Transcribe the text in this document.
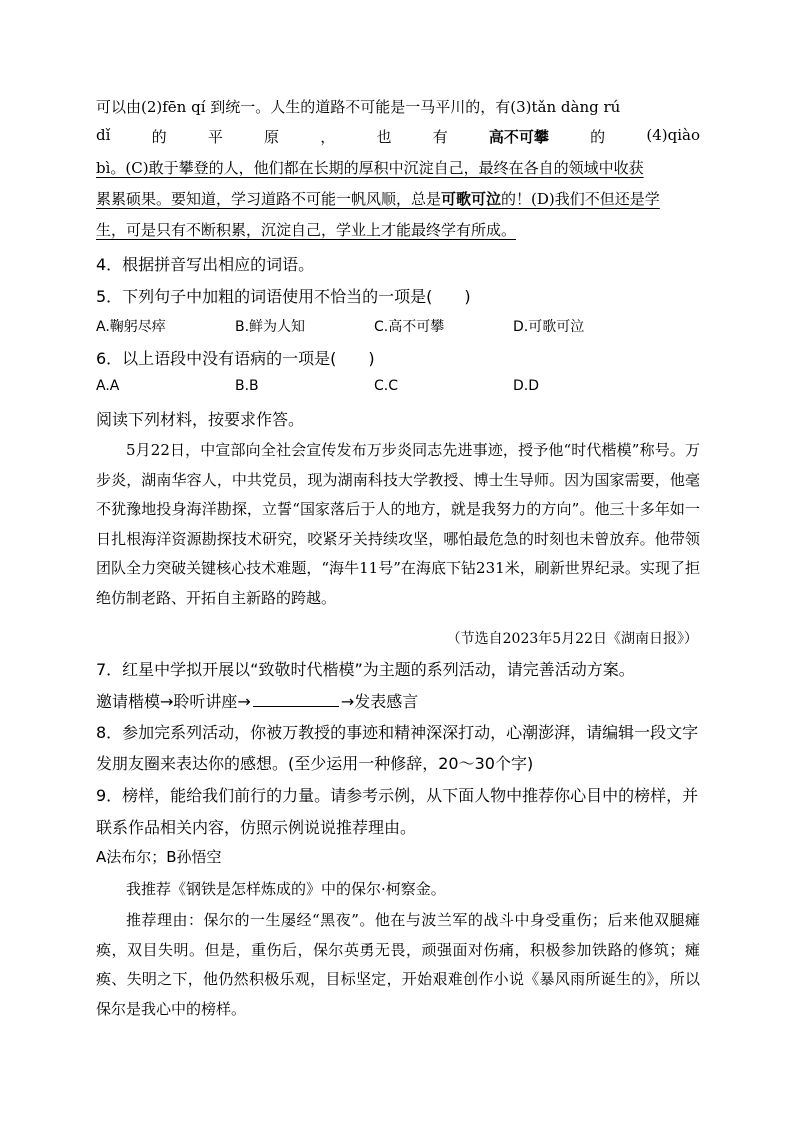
可以由(2)fēn qí 到统一。人生的道路不可能是一马平川的，有(3)tǎn dàng rú
dǐ	的	平	原	，	也	有	高不可攀	的	(4)qiào
bì。(C)敢于攀登的人，他们都在长期的厚积中沉淀自己，最终在各自的领域中收获
累累硕果。要知道，学习道路不可能一帆风顺，总是可歌可泣的！(D)我们不但还是学
生，可是只有不断积累，沉淀自己，学业上才能最终学有所成。
4．根据拼音写出相应的词语。
5．下列句子中加粗的词语使用不恰当的一项是(　　)
A.鞠躬尽瘁	B.鲜为人知	C.高不可攀	D.可歌可泣
6．以上语段中没有语病的一项是(　　)
A.A	B.B	C.C	D.D
阅读下列材料，按要求作答。
5月22日，中宣部向全社会宣传发布万步炎同志先进事迹，授予他“时代楷模”称号。万步炎，湖南华容人，中共党员，现为湖南科技大学教授、博士生导师。因为国家需要，他毫不犹豫地投身海洋勘探，立誓“国家落后于人的地方，就是我努力的方向”。他三十多年如一日扎根海洋资源勘探技术研究，咬紧牙关持续攻坚，哪怕最危急的时刻也未曾放弃。他带领团队全力突破关键核心技术难题，“海牛11号”在海底下钻231米，刷新世界纪录。实现了拒绝仿制老路、开拓自主新路的跨越。
（节选自2023年5月22日《湖南日报》）
7．红星中学拟开展以“致敬时代楷模”为主题的系列活动，请完善活动方案。
邀请楷模→聆听讲座→	→发表感言
8．参加完系列活动，你被万教授的事迹和精神深深打动，心潮澎湃，请编辑一段文字
发朋友圈来表达你的感想。(至少运用一种修辞，20～30个字)
9．榜样，能给我们前行的力量。请参考示例，从下面人物中推荐你心目中的榜样，并
联系作品相关内容，仿照示例说说推荐理由。
A法布尔；B孙悟空
我推荐《钢铁是怎样炼成的》中的保尔·柯察金。
推荐理由：保尔的一生屡经“黑夜”。他在与波兰军的战斗中身受重伤；后来他双腿瘫痪，双目失明。但是，重伤后，保尔英勇无畏，顽强面对伤痛，积极参加铁路的修筑；瘫痪、失明之下，他仍然积极乐观，目标坚定，开始艰难创作小说《暴风雨所诞生的》，所以保尔是我心中的榜样。
